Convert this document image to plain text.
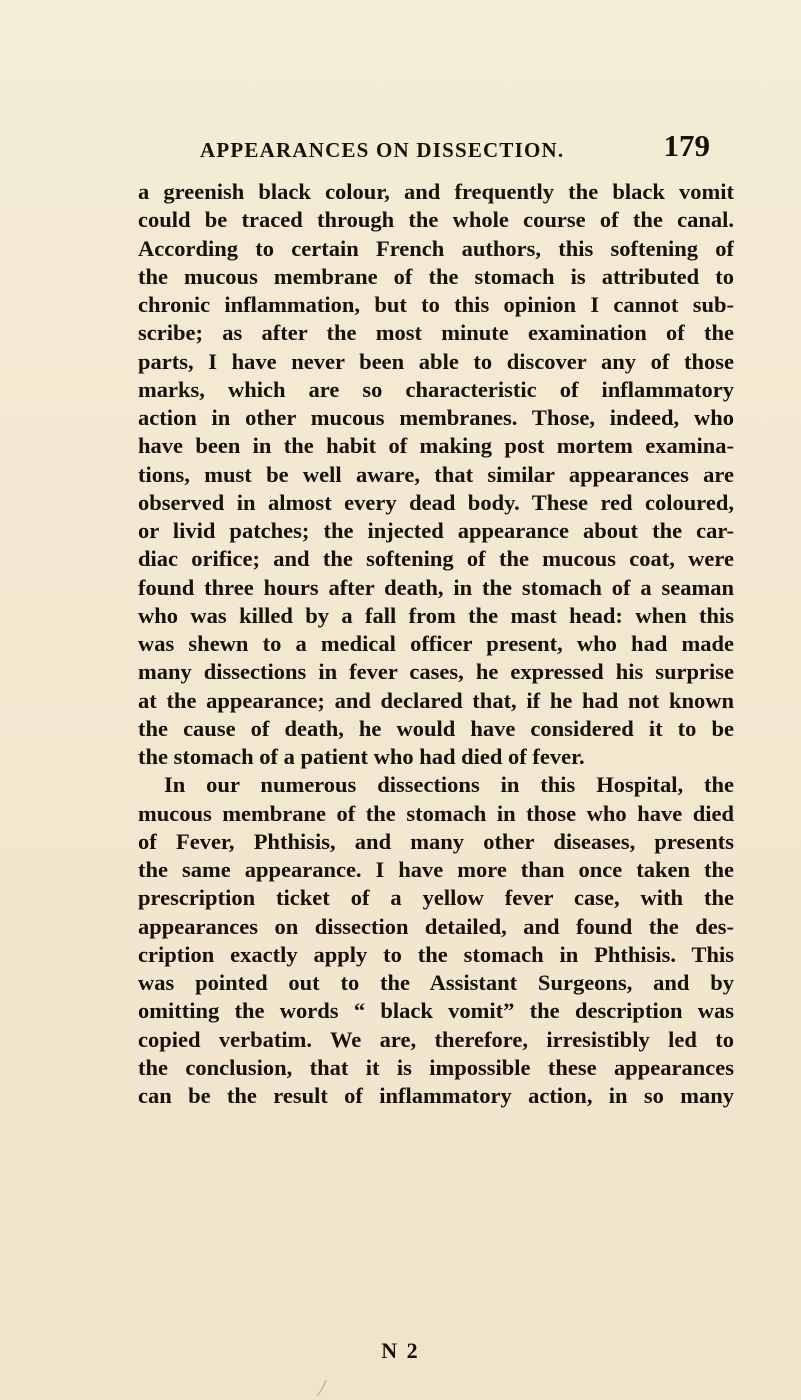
APPEARANCES ON DISSECTION.	179
a greenish black colour, and frequently the black vomit
could be traced through the whole course of the canal.
According to certain French authors, this softening of
the mucous membrane of the stomach is attributed to
chronic inflammation, but to this opinion I cannot sub-
scribe; as after the most minute examination of the
parts, I have never been able to discover any of those
marks, which are so characteristic of inflammatory
action in other mucous membranes. Those, indeed, who
have been in the habit of making post mortem examina-
tions, must be well aware, that similar appearances are
observed in almost every dead body. These red coloured,
or livid patches; the injected appearance about the car-
diac orifice; and the softening of the mucous coat, were
found three hours after death, in the stomach of a seaman
who was killed by a fall from the mast head: when this
was shewn to a medical officer present, who had made
many dissections in fever cases, he expressed his surprise
at the appearance; and declared that, if he had not known
the cause of death, he would have considered it to be
the stomach of a patient who had died of fever.
In our numerous dissections in this Hospital, the
mucous membrane of the stomach in those who have died
of Fever, Phthisis, and many other diseases, presents
the same appearance. I have more than once taken the
prescription ticket of a yellow fever case, with the
appearances on dissection detailed, and found the des-
cription exactly apply to the stomach in Phthisis. This
was pointed out to the Assistant Surgeons, and by
omitting the words “ black vomit” the description was
copied verbatim. We are, therefore, irresistibly led to
the conclusion, that it is impossible these appearances
can be the result of inflammatory action, in so many
N 2
